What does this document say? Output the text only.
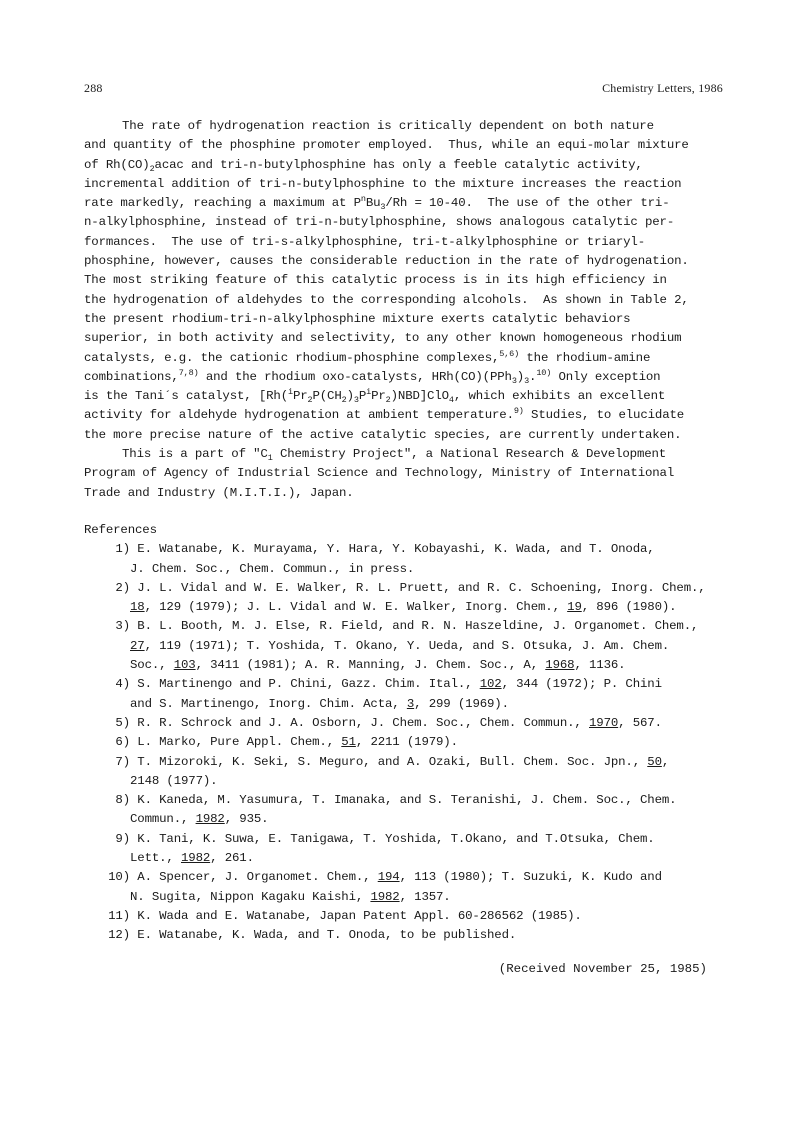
288	Chemistry Letters, 1986
The rate of hydrogenation reaction is critically dependent on both nature
and quantity of the phosphine promoter employed.  Thus, while an equi-molar mixture
of $Rh(CO)_2acac$ and tri-n-butylphosphine has only a feeble catalytic activity,
incremental addition of tri-n-butylphosphine to the mixture increases the reaction
rate markedly, reaching a maximum at $P^nBu_3/Rh = 10-40$.  The use of the other tri-
n-alkylphosphine, instead of tri-n-butylphosphine, shows analogous catalytic per-
formances.  The use of tri-s-alkylphosphine, tri-t-alkylphosphine or triaryl-
phosphine, however, causes the considerable reduction in the rate of hydrogenation.
The most striking feature of this catalytic process is in its high efficiency in
the hydrogenation of aldehydes to the corresponding alcohols.  As shown in Table 2,
the present rhodium-tri-n-alkylphosphine mixture exerts catalytic behaviors
superior, in both activity and selectivity, to any other known homogeneous rhodium
catalysts, e.g. the cationic rhodium-phosphine complexes,$^{5,6)}$ the rhodium-amine
combinations,$^{7,8)}$ and the rhodium oxo-catalysts, $HRh(CO)(PPh_3)_3.^{10)}$ Only exception
is the Tani´s catalyst, $[Rh(^iPr_2P(CH_2)_3P^iPr_2)NBD]ClO_4$, which exhibits an excellent
activity for aldehyde hydrogenation at ambient temperature.$^{9)}$ Studies, to elucidate
the more precise nature of the active catalytic species, are currently undertaken.
This is a part of "$C_1$ Chemistry Project", a National Research & Development
Program of Agency of Industrial Science and Technology, Ministry of International
Trade and Industry (M.I.T.I.), Japan.
References
1) E. Watanabe, K. Murayama, Y. Hara, Y. Kobayashi, K. Wada, and T. Onoda,
J. Chem. Soc., Chem. Commun., in press.
2) J. L. Vidal and W. E. Walker, R. L. Pruett, and R. C. Schoening, Inorg. Chem.,
18, 129 (1979); J. L. Vidal and W. E. Walker, Inorg. Chem., 19, 896 (1980).
3) B. L. Booth, M. J. Else, R. Field, and R. N. Haszeldine, J. Organomet. Chem.,
27, 119 (1971); T. Yoshida, T. Okano, Y. Ueda, and S. Otsuka, J. Am. Chem.
Soc., 103, 3411 (1981); A. R. Manning, J. Chem. Soc., A, 1968, 1136.
4) S. Martinengo and P. Chini, Gazz. Chim. Ital., 102 , 344 (1972); P. Chini
and S. Martinengo, Inorg. Chim. Acta, 3, 299 (1969).
5) R. R. Schrock and J. A. Osborn, J. Chem. Soc., Chem. Commun., 1970 , 567.
6) L. Marko, Pure Appl. Chem., 51 , 2211 (1979).
7) T. Mizoroki, K. Seki, S. Meguro, and A. Ozaki, Bull. Chem. Soc. Jpn., 50 ,
2148 (1977).
8) K. Kaneda, M. Yasumura, T. Imanaka, and S. Teranishi, J. Chem. Soc., Chem.
Commun., 1982, 935.
9) K. Tani, K. Suwa, E. Tanigawa, T. Yoshida, T.Okano, and T.Otsuka, Chem.
Lett., 1982, 261.
10) A. Spencer, J. Organomet. Chem., 194 , 113 (1980); T. Suzuki, K. Kudo and
N. Sugita, Nippon Kagaku Kaishi, 1982, 1357.
11) K. Wada and E. Watanabe, Japan Patent Appl. 60-286562 (1985).
12) E. Watanabe, K. Wada, and T. Onoda, to be published.
(Received November 25, 1985)
